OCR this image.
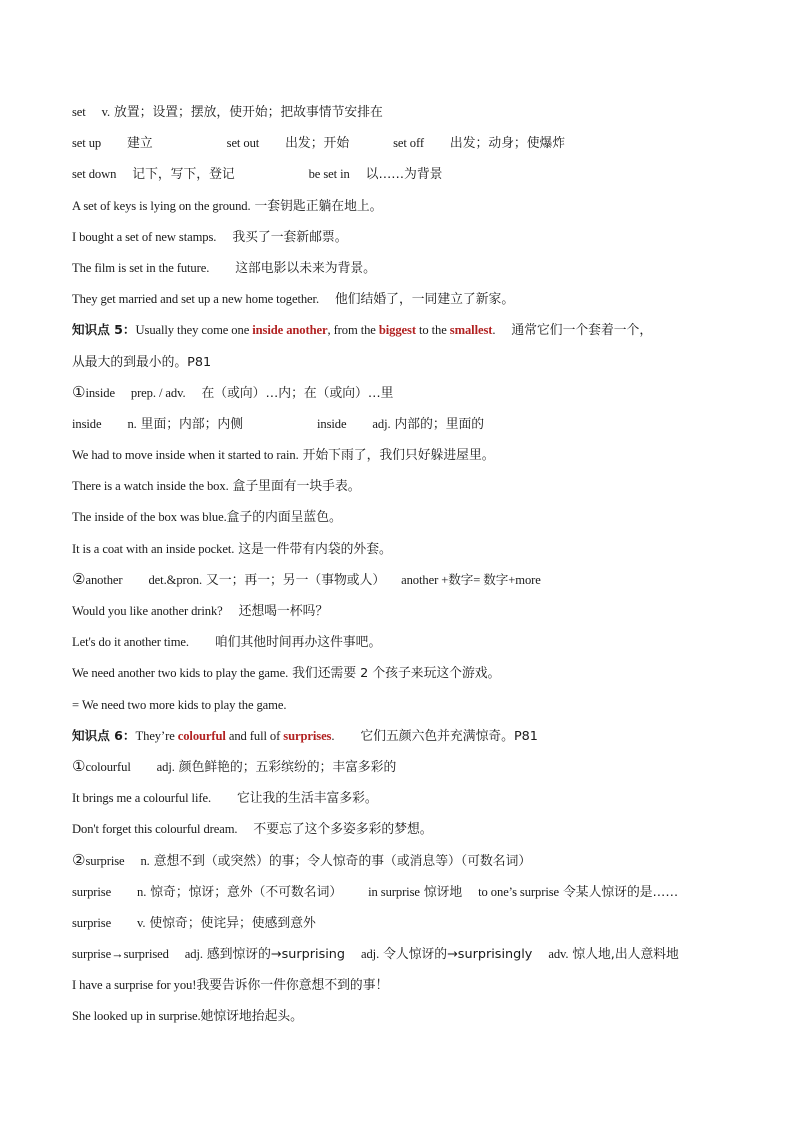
set v. 放置；设置；摆放，使开始；把故事情节安排在
set up 建立	set out 出发；开始	set off 出发；动身；使爆炸
set down 记下，写下，登记	be set in 以……为背景
A set of keys is lying on the ground. 一套钥匙正躺在地上。
I bought a set of new stamps. 我买了一套新邮票。
The film is set in the future. 这部电影以未来为背景。
They get married and set up a new home together. 他们结婚了，一同建立了新家。
知识点 5：Usually they come one inside another, from the biggest to the smallest. 通常它们一个套着一个，
从最大的到最小的。P81
①inside prep. / adv. 在（或向）…内；在（或向）…里
inside n. 里面；内部；内侧	inside adj. 内部的；里面的
We had to move inside when it started to rain. 开始下雨了，我们只好躲进屋里。
There is a watch inside the box. 盒子里面有一块手表。
The inside of the box was blue.盒子的内面呈蓝色。
It is a coat with an inside pocket. 这是一件带有内袋的外套。
②another det.&pron. 又一；再一；另一（事物或人） another +数字= 数字+more
Would you like another drink? 还想喝一杯吗？
Let's do it another time. 咱们其他时间再办这件事吧。
We need another two kids to play the game. 我们还需要 2 个孩子来玩这个游戏。
= We need two more kids to play the game.
知识点 6：They’re colourful and full of surprises. 它们五颜六色并充满惊奇。P81
①colourful adj. 颜色鲜艳的；五彩缤纷的；丰富多彩的
It brings me a colourful life. 它让我的生活丰富多彩。
Don't forget this colourful dream. 不要忘了这个多姿多彩的梦想。
②surprise n. 意想不到（或突然）的事；令人惊奇的事（或消息等）（可数名词）
surprise n. 惊奇；惊讶；意外（不可数名词） in surprise 惊讶地 to one’s surprise 令某人惊讶的是……
surprise v. 使惊奇；使诧异；使感到意外
surprise→surprised adj. 感到惊讶的→surprising adj. 令人惊讶的→surprisingly adv. 惊人地,出人意料地
I have a surprise for you!我要告诉你一件你意想不到的事！
She looked up in surprise.她惊讶地抬起头。
